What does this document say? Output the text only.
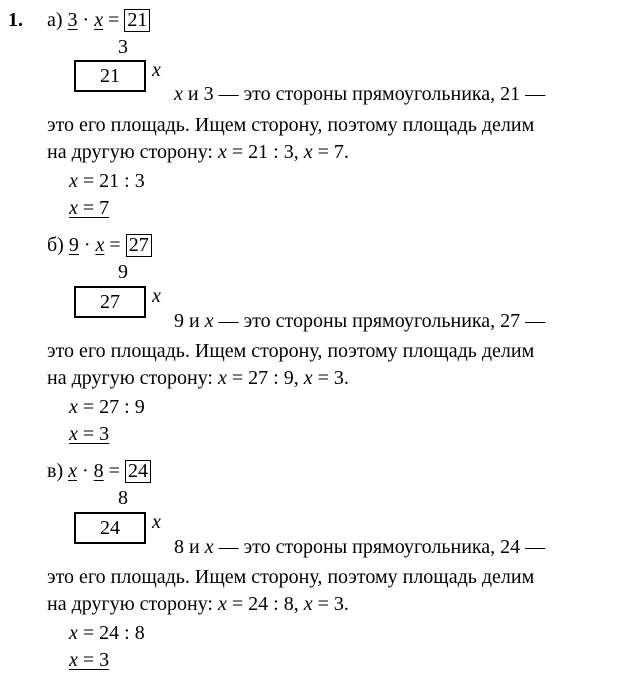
1. а) 3 · x = 21
3
21	x
x и 3 — это стороны прямоугольника, 21 —
это его площадь. Ищем сторону, поэтому площадь делим
на другую сторону: x = 21 : 3, x = 7.
x = 21 : 3
x = 7
б) 9 · x = 27
9
27	x
9 и x — это стороны прямоугольника, 27 —
это его площадь. Ищем сторону, поэтому площадь делим
на другую сторону: x = 27 : 9, x = 3.
x = 27 : 9
x = 3
в) x · 8 = 24
8
24	x
8 и x — это стороны прямоугольника, 24 —
это его площадь. Ищем сторону, поэтому площадь делим
на другую сторону: x = 24 : 8, x = 3.
x = 24 : 8
x = 3
